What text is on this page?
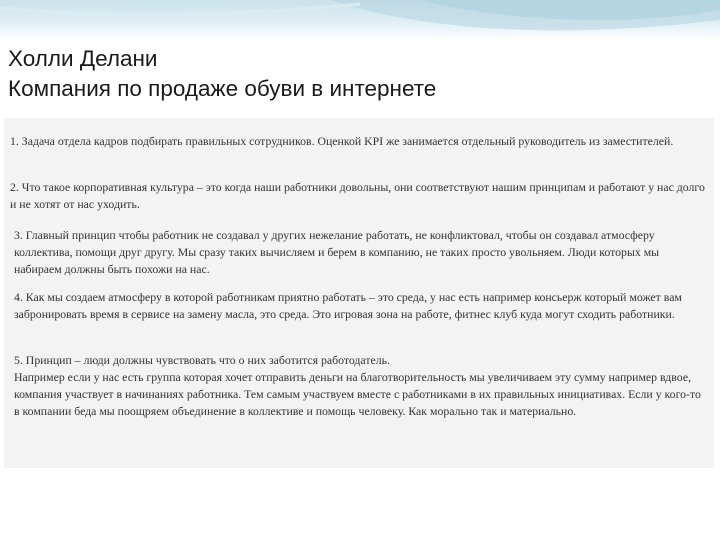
Холли Делани

Компания по продаже обуви в интернете

1. Задача отдела кадров подбирать правильных сотрудников. Оценкой KPI же занимается отдельный руководитель из заместителей.

2. Что такое корпоративная культура – это когда наши работники довольны, они соответствуют нашим принципам и работают у нас долго и не хотят от нас уходить.

3. Главный принцип чтобы работник не создавал у других нежелание работать, не конфликтовал, чтобы он создавал атмосферу коллектива, помощи друг другу. Мы сразу таких вычисляем и берем в компанию, не таких просто увольняем. Люди которых мы набираем должны быть похожи на нас.

4. Как мы создаем атмосферу в которой работникам приятно работать – это среда, у нас есть например консьерж который может вам забронировать время в сервисе на замену масла, это среда. Это игровая зона на работе, фитнес клуб куда могут сходить работники.

5. Принцип – люди должны чувствовать что о них заботится работодатель.
Например если у нас есть группа которая хочет отправить деньги на благотворительность мы увеличиваем эту сумму например вдвое, компания участвует в начинаниях работника. Тем самым участвуем вместе с работниками в их правильных инициативах. Если у кого-то в компании беда мы поощряем объединение в коллективе и помощь человеку. Как морально так и материально.
